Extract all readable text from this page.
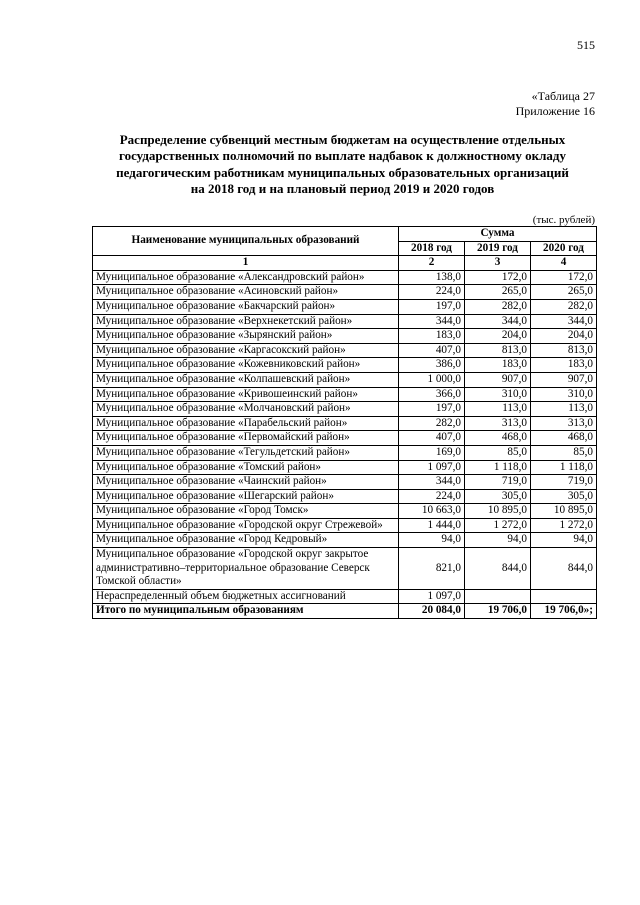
515
«Таблица 27
Приложение 16
Распределение субвенций местным бюджетам на осуществление отдельных
государственных полномочий по выплате надбавок к должностному окладу
педагогическим работникам муниципальных образовательных организаций
на 2018 год и на плановый период 2019 и 2020 годов
(тыс. рублей)
Наименование муниципальных образований	Сумма		
	2018 год	2019 год	2020 год
1	2	3	4
Муниципальное образование «Александровский район»	138,0	172,0	172,0
Муниципальное образование «Асиновский район»	224,0	265,0	265,0
Муниципальное образование «Бакчарский район»	197,0	282,0	282,0
Муниципальное образование «Верхнекетский район»	344,0	344,0	344,0
Муниципальное образование «Зырянский район»	183,0	204,0	204,0
Муниципальное образование «Каргасокский район»	407,0	813,0	813,0
Муниципальное образование «Кожевниковский район»	386,0	183,0	183,0
Муниципальное образование «Колпашевский район»	1 000,0	907,0	907,0
Муниципальное образование «Кривошеинский район»	366,0	310,0	310,0
Муниципальное образование «Молчановский район»	197,0	113,0	113,0
Муниципальное образование «Парабельский район»	282,0	313,0	313,0
Муниципальное образование «Первомайский район»	407,0	468,0	468,0
Муниципальное образование «Тегульдетский район»	169,0	85,0	85,0
Муниципальное образование «Томский район»	1 097,0	1 118,0	1 118,0
Муниципальное образование «Чаинский район»	344,0	719,0	719,0
Муниципальное образование «Шегарский район»	224,0	305,0	305,0
Муниципальное образование «Город Томск»	10 663,0	10 895,0	10 895,0
Муниципальное образование «Городской округ Стрежевой»	1 444,0	1 272,0	1 272,0
Муниципальное образование «Город Кедровый»	94,0	94,0	94,0
Муниципальное образование «Городской округ закрытое административно–территориальное образование Северск Томской области»	821,0	844,0	844,0
Нераспределенный объем бюджетных ассигнований	1 097,0		
Итого по муниципальным образованиям	20 084,0	19 706,0	19 706,0»;
